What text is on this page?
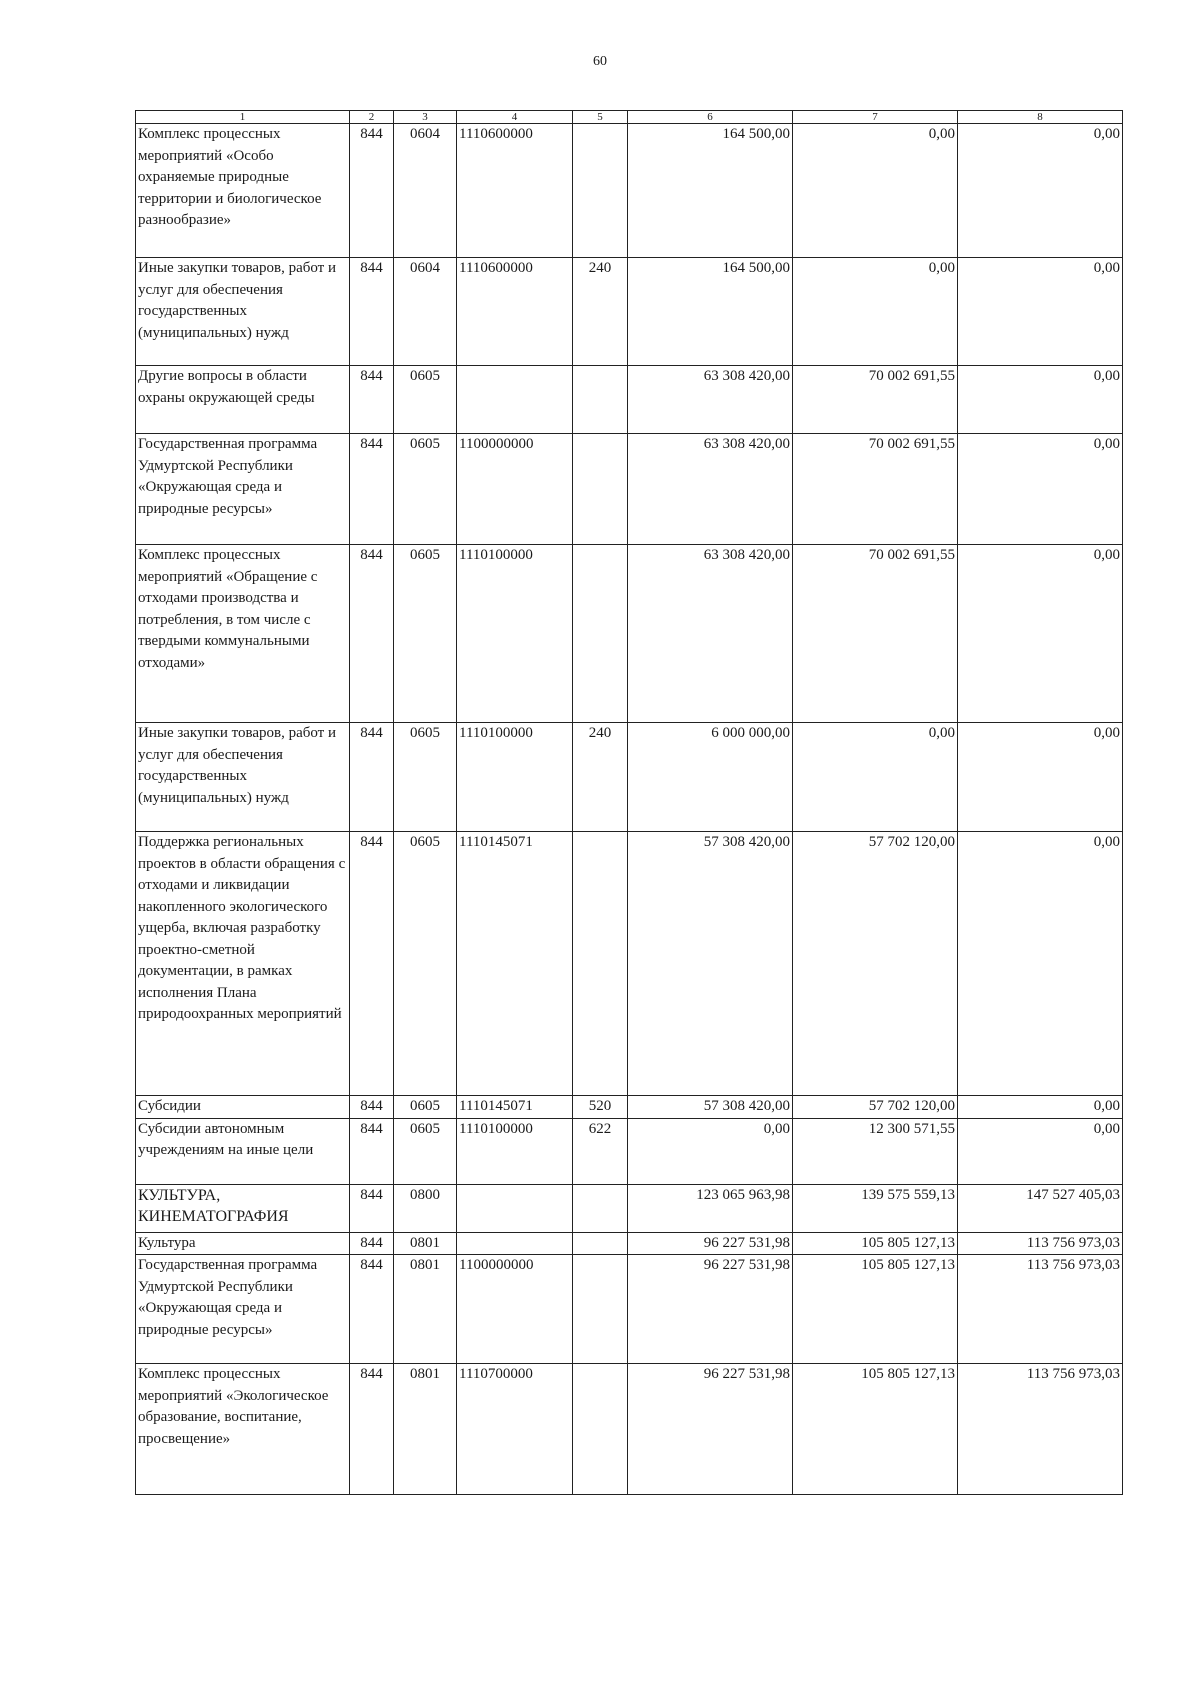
60
1	2	3	4	5	6	7	8
Комплекс процессных мероприятий «Особо охраняемые природные территории и биологическое разнообразие»	844	0604	1110600000		164 500,00	0,00	0,00
Иные закупки товаров, работ и услуг для обеспечения государственных (муниципальных) нужд	844	0604	1110600000	240	164 500,00	0,00	0,00
Другие вопросы в области охраны окружающей среды	844	0605			63 308 420,00	70 002 691,55	0,00
Государственная программа Удмуртской Республики «Окружающая среда и природные ресурсы»	844	0605	1100000000		63 308 420,00	70 002 691,55	0,00
Комплекс процессных мероприятий «Обращение с отходами производства и потребления, в том числе с твердыми коммунальными отходами»	844	0605	1110100000		63 308 420,00	70 002 691,55	0,00
Иные закупки товаров, работ и услуг для обеспечения государственных (муниципальных) нужд	844	0605	1110100000	240	6 000 000,00	0,00	0,00
Поддержка региональных проектов в области обращения с отходами и ликвидации накопленного экологического ущерба, включая разработку проектно-сметной документации, в рамках исполнения Плана природоохранных мероприятий	844	0605	1110145071		57 308 420,00	57 702 120,00	0,00
Субсидии	844	0605	1110145071	520	57 308 420,00	57 702 120,00	0,00
Субсидии автономным учреждениям на иные цели	844	0605	1110100000	622	0,00	12 300 571,55	0,00
КУЛЬТУРА, КИНЕМАТОГРАФИЯ	844	0800			123 065 963,98	139 575 559,13	147 527 405,03
Культура	844	0801			96 227 531,98	105 805 127,13	113 756 973,03
Государственная программа Удмуртской Республики «Окружающая среда и природные ресурсы»	844	0801	1100000000		96 227 531,98	105 805 127,13	113 756 973,03
Комплекс процессных мероприятий «Экологическое образование, воспитание, просвещение»	844	0801	1110700000		96 227 531,98	105 805 127,13	113 756 973,03
